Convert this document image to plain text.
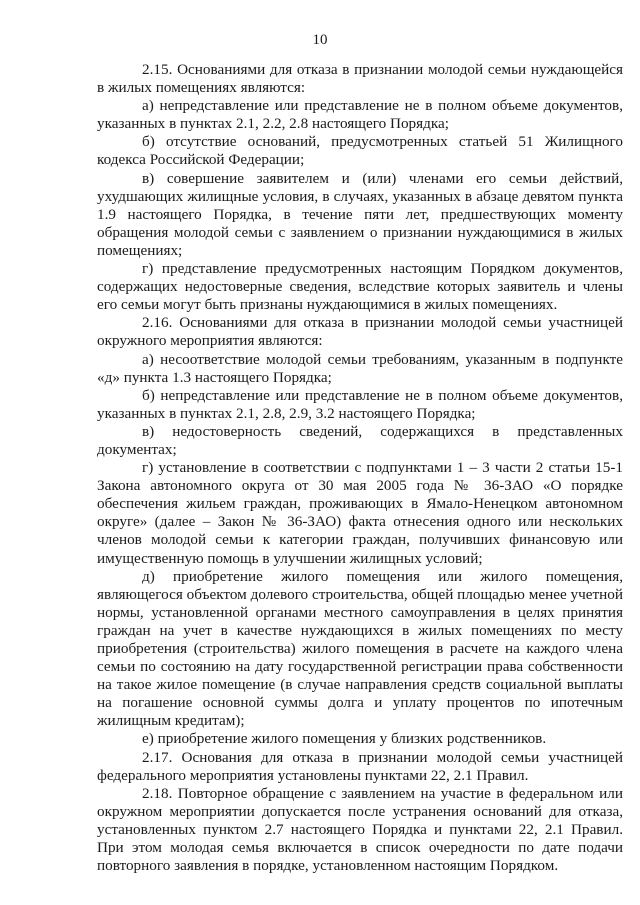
10

2.15. Основаниями для отказа в признании молодой семьи нуждающейся в жилых помещениях являются:

а) непредставление или представление не в полном объеме документов, указанных в пунктах 2.1, 2.2, 2.8 настоящего Порядка;

б) отсутствие оснований, предусмотренных статьей 51 Жилищного кодекса Российской Федерации;

в) совершение заявителем и (или) членами его семьи действий, ухудшающих жилищные условия, в случаях, указанных в абзаце девятом пункта 1.9 настоящего Порядка, в течение пяти лет, предшествующих моменту обращения молодой семьи с заявлением о признании нуждающимися в жилых помещениях;

г) представление предусмотренных настоящим Порядком документов, содержащих недостоверные сведения, вследствие которых заявитель и члены его семьи могут быть признаны нуждающимися в жилых помещениях.

2.16. Основаниями для отказа в признании молодой семьи участницей окружного мероприятия являются:

а) несоответствие молодой семьи требованиям, указанным в подпункте «д» пункта 1.3 настоящего Порядка;

б) непредставление или представление не в полном объеме документов, указанных в пунктах 2.1, 2.8, 2.9, 3.2 настоящего Порядка;

в) недостоверность сведений, содержащихся в представленных документах;

г) установление в соответствии с подпунктами 1 – 3 части 2 статьи 15-1 Закона автономного округа от 30 мая 2005 года № 36-ЗАО «О порядке обеспечения жильем граждан, проживающих в Ямало-Ненецком автономном округе» (далее – Закон № 36-ЗАО) факта отнесения одного или нескольких членов молодой семьи к категории граждан, получивших финансовую или имущественную помощь в улучшении жилищных условий;

д) приобретение жилого помещения или жилого помещения, являющегося объектом долевого строительства, общей площадью менее учетной нормы, установленной органами местного самоуправления в целях принятия граждан на учет в качестве нуждающихся в жилых помещениях по месту приобретения (строительства) жилого помещения в расчете на каждого члена семьи по состоянию на дату государственной регистрации права собственности на такое жилое помещение (в случае направления средств социальной выплаты на погашение основной суммы долга и уплату процентов по ипотечным жилищным кредитам);

е) приобретение жилого помещения у близких родственников.

2.17. Основания для отказа в признании молодой семьи участницей федерального мероприятия установлены пунктами 22, 2.1 Правил.

2.18. Повторное обращение с заявлением на участие в федеральном или окружном мероприятии допускается после устранения оснований для отказа, установленных пунктом 2.7 настоящего Порядка и пунктами 22, 2.1 Правил. При этом молодая семья включается в список очередности по дате подачи повторного заявления в порядке, установленном настоящим Порядком.
